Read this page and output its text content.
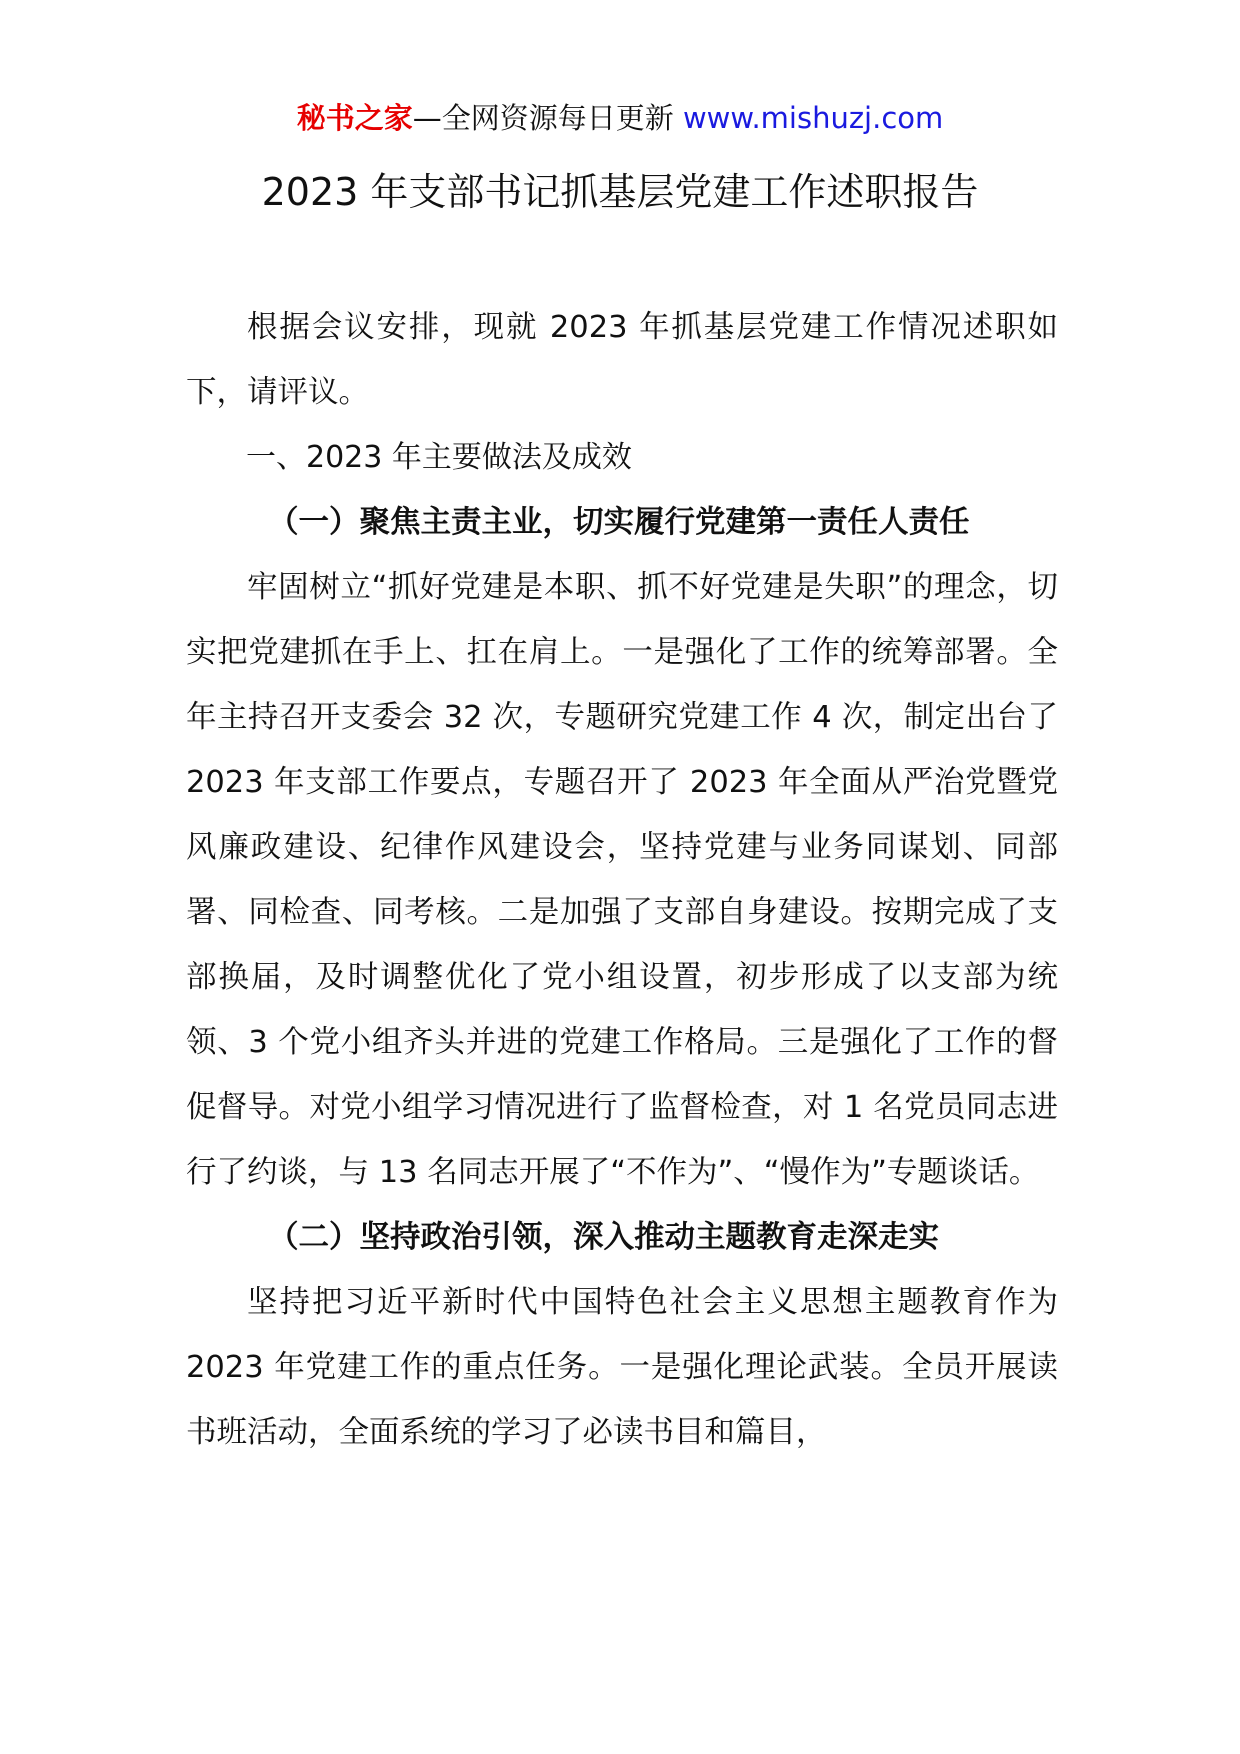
秘书之家—全网资源每日更新 www.mishuzj.com
2023 年支部书记抓基层党建工作述职报告

根据会议安排，现就 2023 年抓基层党建工作情况述职如下，请评议。

一、2023 年主要做法及成效

（一）聚焦主责主业，切实履行党建第一责任人责任

牢固树立“抓好党建是本职、抓不好党建是失职”的理念，切实把党建抓在手上、扛在肩上。一是强化了工作的统筹部署。全年主持召开支委会 32 次，专题研究党建工作 4 次，制定出台了 2023 年支部工作要点，专题召开了 2023 年全面从严治党暨党风廉政建设、纪律作风建设会，坚持党建与业务同谋划、同部署、同检查、同考核。二是加强了支部自身建设。按期完成了支部换届，及时调整优化了党小组设置，初步形成了以支部为统领、3 个党小组齐头并进的党建工作格局。三是强化了工作的督促督导。对党小组学习情况进行了监督检查，对 1 名党员同志进行了约谈，与 13 名同志开展了“不作为”、“慢作为”专题谈话。

（二）坚持政治引领，深入推动主题教育走深走实

坚持把习近平新时代中国特色社会主义思想主题教育作为 2023 年党建工作的重点任务。一是强化理论武装。全员开展读书班活动，全面系统的学习了必读书目和篇目，
